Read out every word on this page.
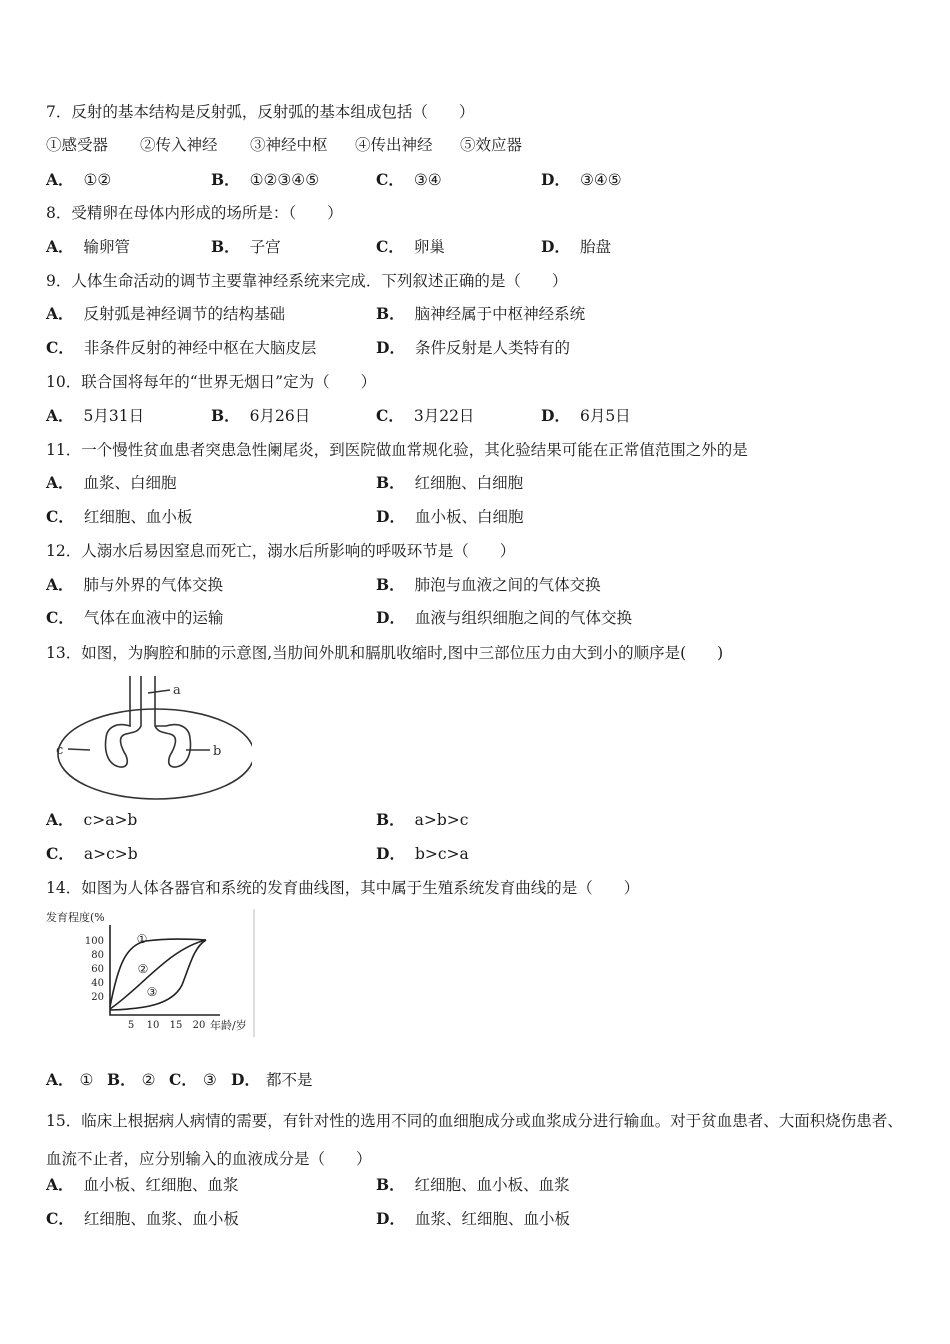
7．反射的基本结构是反射弧，反射弧的基本组成包括（　　）
①感受器 ②传入神经 ③神经中枢 ④传出神经 ⑤效应器
A． ①②	B． ①②③④⑤	C． ③④	D． ③④⑤
8．受精卵在母体内形成的场所是：（　　）
A． 输卵管	B． 子宫	C． 卵巢	D． 胎盘
9．人体生命活动的调节主要靠神经系统来完成．下列叙述正确的是（　　）
A． 反射弧是神经调节的结构基础	B． 脑神经属于中枢神经系统
C． 非条件反射的神经中枢在大脑皮层	D． 条件反射是人类特有的
10．联合国将每年的“世界无烟日”定为（　　）
A． 5月31日	B． 6月26日	C． 3月22日	D． 6月5日
11．一个慢性贫血患者突患急性阑尾炎，到医院做血常规化验，其化验结果可能在正常值范围之外的是
A． 血浆、白细胞	B． 红细胞、白细胞
C． 红细胞、血小板	D． 血小板、白细胞
12．人溺水后易因窒息而死亡，溺水后所影响的呼吸环节是（　　）
A． 肺与外界的气体交换	B． 肺泡与血液之间的气体交换
C． 气体在血液中的运输	D． 血液与组织细胞之间的气体交换
13．如图，为胸腔和肺的示意图,当肋间外肌和膈肌收缩时,图中三部位压力由大到小的顺序是(　　)
a
b
c
A． c>a>b	B． a>b>c
C． a>c>b	D． b>c>a
14．如图为人体各器官和系统的发育曲线图，其中属于生殖系统发育曲线的是（　　）
发育程度(%
100
80
60
40
20
5 10 15 20 年龄/岁
①
②
③
A． ① B． ② C． ③ D． 都不是
15．临床上根据病人病情的需要，有针对性的选用不同的血细胞成分或血浆成分进行输血。对于贫血患者、大面积烧伤患者、血流不止者，应分别输入的血液成分是（　　）
A． 血小板、红细胞、血浆	B． 红细胞、血小板、血浆
C． 红细胞、血浆、血小板	D． 血浆、红细胞、血小板
